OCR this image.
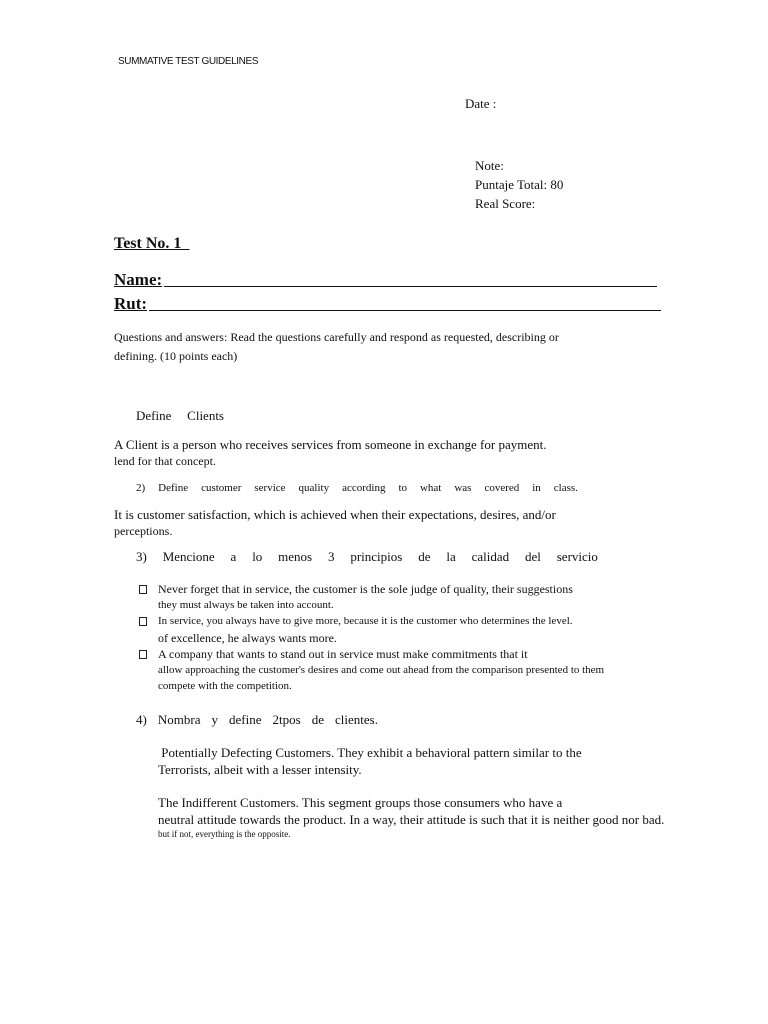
SUMMATIVE TEST GUIDELINES
Date :
Note:
Puntaje Total: 80
Real Score:
Test No. 1
Name:
Rut:
Questions and answers: Read the questions carefully and respond as requested, describing or
defining. (10 points each)
Define Clients
A Client is a person who receives services from someone in exchange for payment.
lend for that concept.
2) Define customer service quality according to what was covered in class.
It is customer satisfaction, which is achieved when their expectations, desires, and/or
perceptions.
3) Mencione a lo menos 3 principios de la calidad del servicio
Never forget that in service, the customer is the sole judge of quality, their suggestions
they must always be taken into account.
In service, you always have to give more, because it is the customer who determines the level.
of excellence, he always wants more.
A company that wants to stand out in service must make commitments that it
allow approaching the customer's desires and come out ahead from the comparison presented to them
compete with the competition.
4) Nombra y define 2tpos de clientes.
Potentially Defecting Customers. They exhibit a behavioral pattern similar to the
Terrorists, albeit with a lesser intensity.
The Indifferent Customers. This segment groups those consumers who have a
neutral attitude towards the product. In a way, their attitude is such that it is neither good nor bad.
but if not, everything is the opposite.
